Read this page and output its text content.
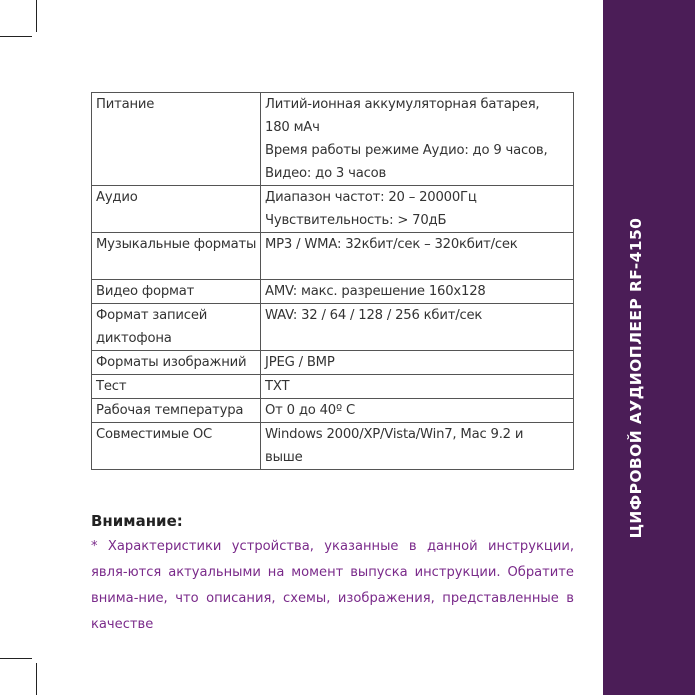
ЦИФРОВОЙ АУДИОПЛЕЕР RF-4150
Питание	Литий-ионная аккумуляторная батарея,
180 мАч
Время работы режиме Аудио: до 9 часов,
Видео: до 3 часов

Аудио	Диапазон частот: 20 – 20000Гц
Чувствительность: > 70дБ

Музыкальные форматы	MP3 / WMA: 32кбит/сек – 320кбит/сек

Видео формат	AMV: макс. разрешение 160x128

Формат записей
диктофона	WAV: 32 / 64 / 128 / 256 кбит/сек

Форматы изображний	JPEG / BMP

Тест	TXT

Рабочая температура	От 0 до 40º С

Совместимые ОС	Windows 2000/XP/Vista/Win7, Mac 9.2 и
выше
Внимание:
* Характеристики устройства, указанные в данной инструкции, явля-ются актуальными на момент выпуска инструкции. Обратите внима-ние, что описания, схемы, изображения, представленные в качестве
